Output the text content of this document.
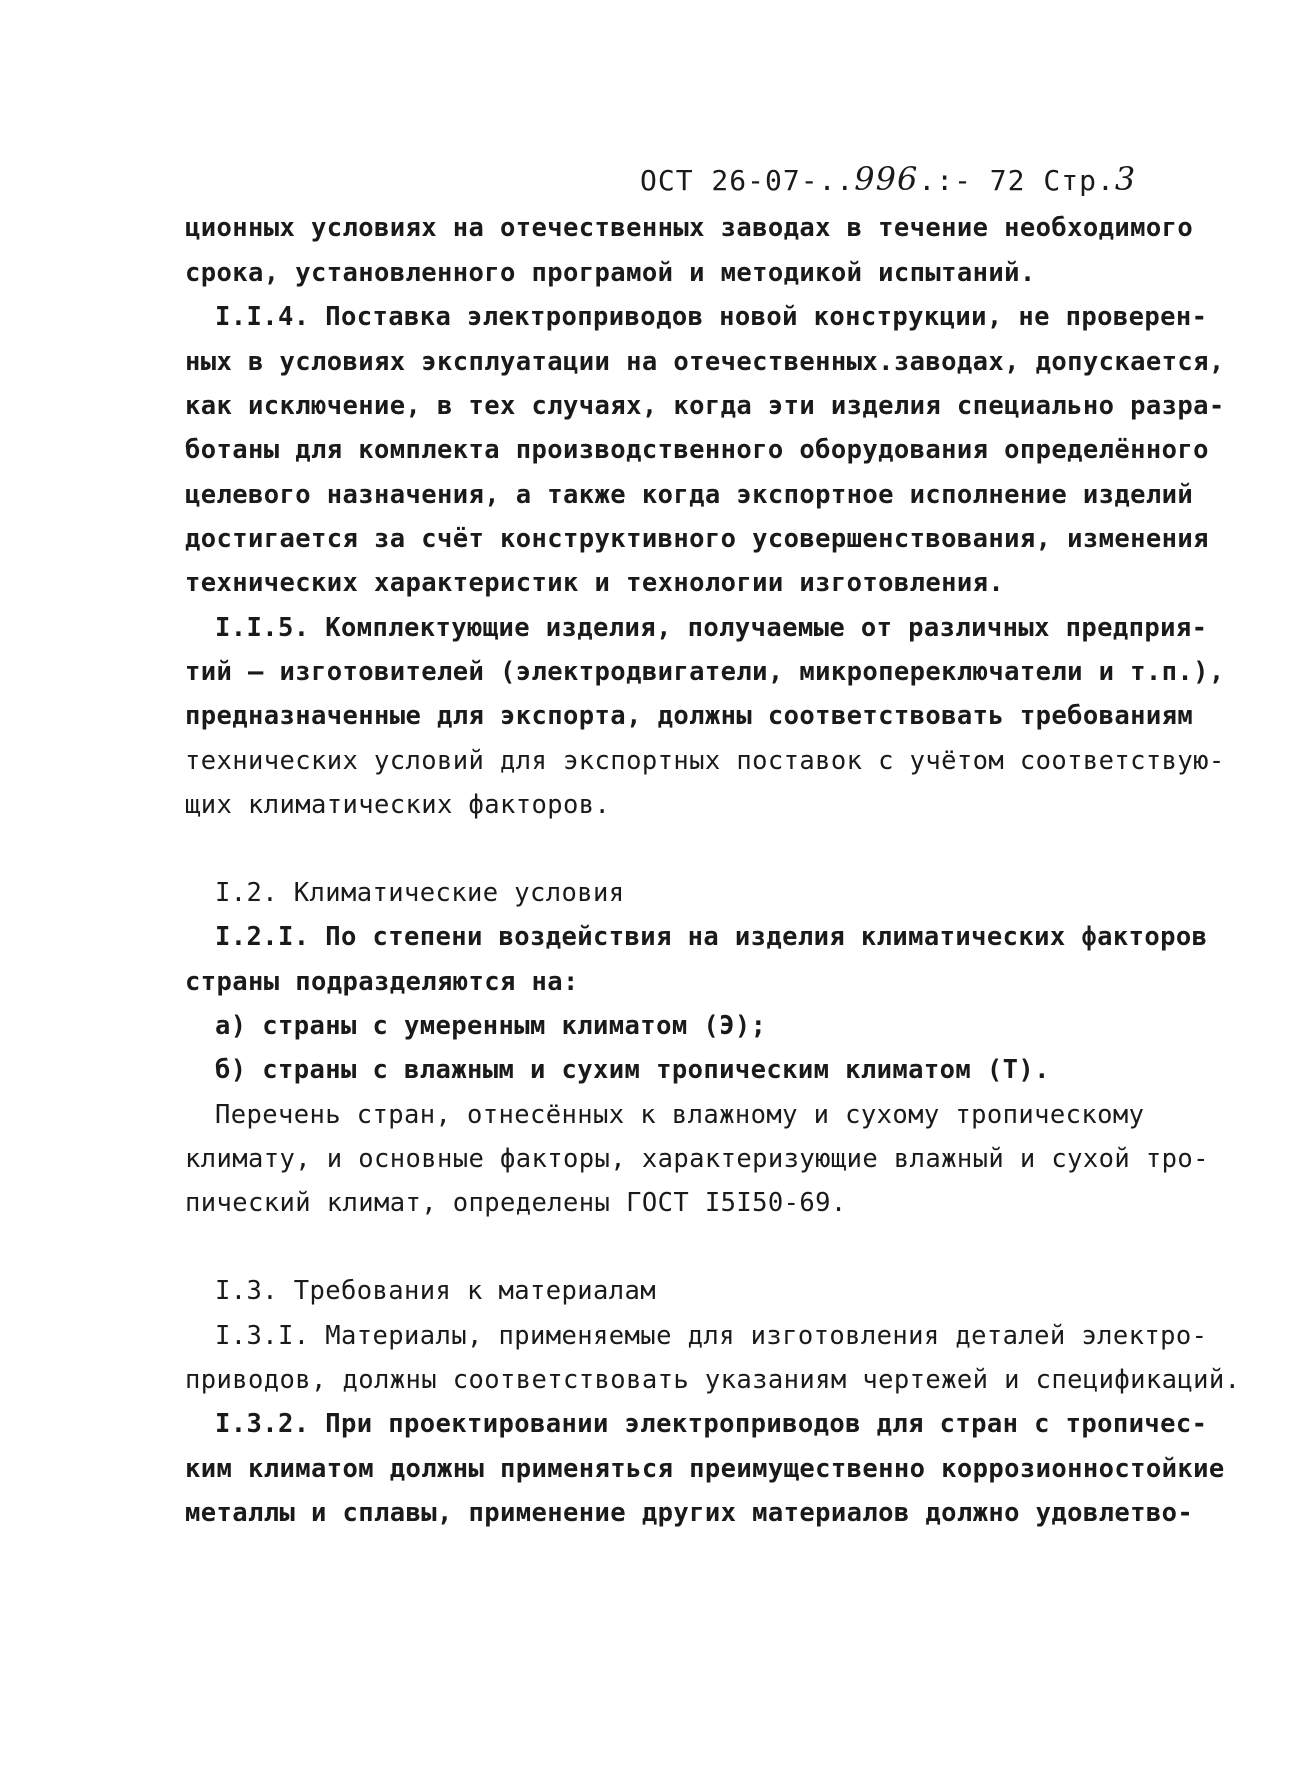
ОСТ 26-07-..996.:- 72 Стр.3
ционных условиях на отечественных заводах в течение необходимого
срока, установленного програмой и методикой испытаний.
I.I.4. Поставка электроприводов новой конструкции, не проверен-
ных в условиях эксплуатации на отечественных.заводах, допускается,
как исключение, в тех случаях, когда эти изделия специально разра-
ботаны для комплекта производственного оборудования определённого
целевого назначения, а также когда экспортное исполнение изделий
достигается за счёт конструктивного усовершенствования, изменения
технических характеристик и технологии изготовления.
I.I.5. Комплектующие изделия, получаемые от различных предприя-
тий — изготовителей (электродвигатели, микропереключатели и т.п.),
предназначенные для экспорта, должны соответствовать требованиям
технических условий для экспортных поставок с учётом соответствую-
щих климатических факторов.
I.2. Климатические условия
I.2.I. По степени воздействия на изделия климатических факторов
страны подразделяются на:
а) страны с умеренным климатом (Э);
б) страны с влажным и сухим тропическим климатом (Т).
Перечень стран, отнесённых к влажному и сухому тропическому
климату, и основные факторы, характеризующие влажный и сухой тро-
пический климат, определены ГОСТ I5I50-69.
I.3. Требования к материалам
I.3.I. Материалы, применяемые для изготовления деталей электро-
приводов, должны соответствовать указаниям чертежей и спецификаций.
I.3.2. При проектировании электроприводов для стран с тропичес-
ким климатом должны применяться преимущественно коррозионностойкие
металлы и сплавы, применение других материалов должно удовлетво-
